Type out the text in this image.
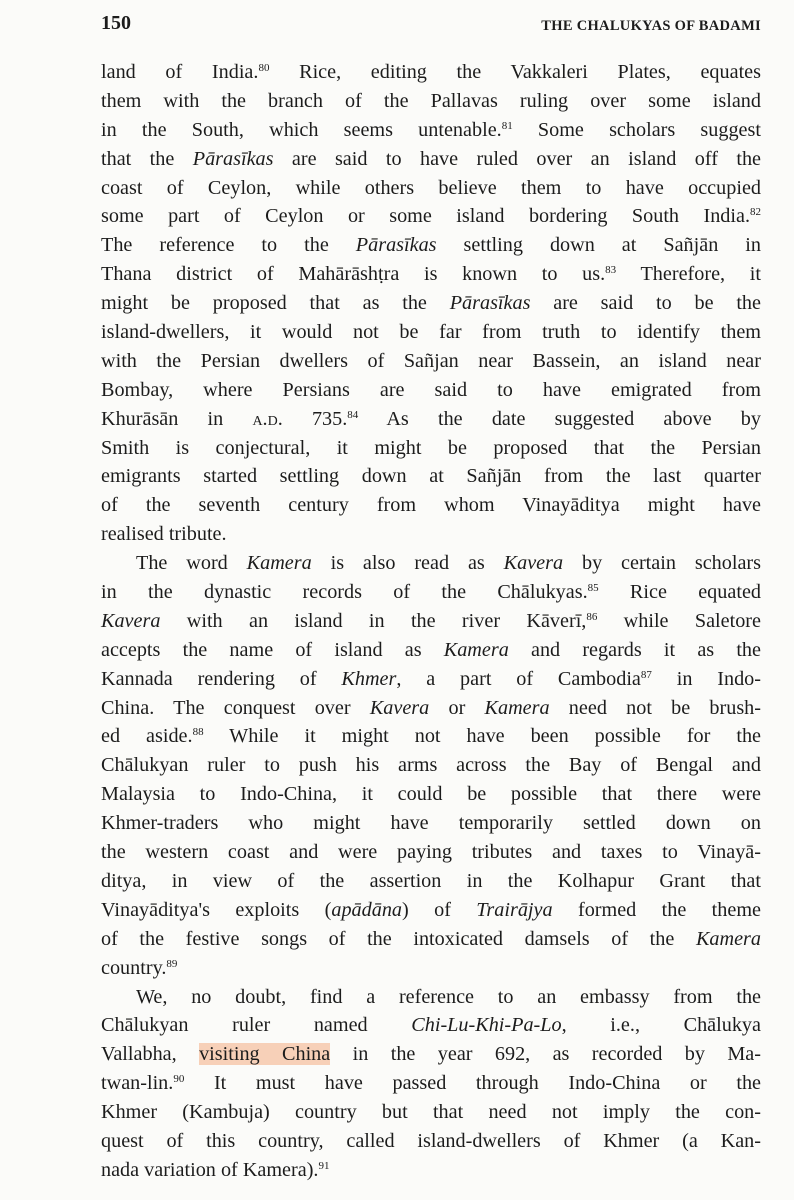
150	THE CHALUKYAS OF BADAMI
land of India.$^{80}$ Rice, editing the Vakkaleri Plates, equates
them with the branch of the Pallavas ruling over some island
in the South, which seems untenable.$^{81}$ Some scholars suggest
that the Pārasīkas are said to have ruled over an island off the
coast of Ceylon, while others believe them to have occupied
some part of Ceylon or some island bordering South India.$^{82}$
The reference to the Pārasīkas settling down at Sañjān in
Thana district of Mahārāshṭra is known to us.$^{83}$ Therefore, it
might be proposed that as the Pārasīkas are said to be the
island-dwellers, it would not be far from truth to identify them
with the Persian dwellers of Sañjan near Bassein, an island near
Bombay, where Persians are said to have emigrated from
Khurāsān in a.d. 735.84 As the date suggested above by
Smith is conjectural, it might be proposed that the Persian
emigrants started settling down at Sañjān from the last quarter
of the seventh century from whom Vinayāditya might have
realised tribute.
The word Kamera is also read as Kavera by certain scholars
in the dynastic records of the Chālukyas.$^{85}$ Rice equated
Kavera with an island in the river Kāverī,$^{86}$ while Saletore
accepts the name of island as Kamera and regards it as the
Kannada rendering of Khmer, a part of Cambodia$^{87}$ in Indo-
China. The conquest over Kavera or Kamera need not be brush-
ed aside.$^{88}$ While it might not have been possible for the
Chālukyan ruler to push his arms across the Bay of Bengal and
Malaysia to Indo-China, it could be possible that there were
Khmer-traders who might have temporarily settled down on
the western coast and were paying tributes and taxes to Vinayā-
ditya, in view of the assertion in the Kolhapur Grant that
Vinayāditya's exploits (apādāna) of Trairājya formed the theme
of the festive songs of the intoxicated damsels of the Kamera
country.$^{89}$
We, no doubt, find a reference to an embassy from the
Chālukyan ruler named Chi-Lu-Khi-Pa-Lo, i.e., Chālukya
Vallabha, visiting China in the year 692, as recorded by Ma-
twan-lin.$^{90}$ It must have passed through Indo-China or the
Khmer (Kambuja) country but that need not imply the con-
quest of this country, called island-dwellers of Khmer (a Kan-
nada variation of Kamera).$^{91}$
